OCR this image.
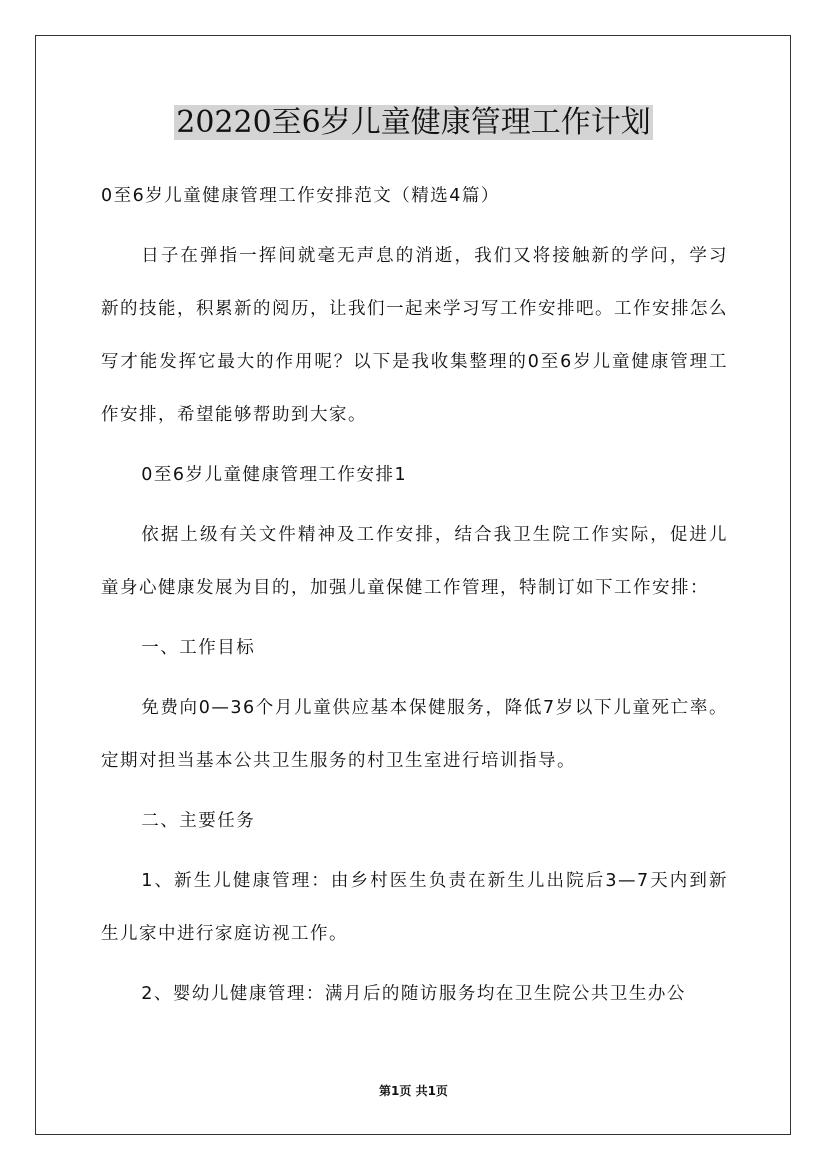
20220至6岁儿童健康管理工作计划

0至6岁儿童健康管理工作安排范文（精选4篇）

日子在弹指一挥间就毫无声息的消逝，我们又将接触新的学问，学习新的技能，积累新的阅历，让我们一起来学习写工作安排吧。工作安排怎么写才能发挥它最大的作用呢？以下是我收集整理的0至6岁儿童健康管理工作安排，希望能够帮助到大家。

0至6岁儿童健康管理工作安排1

依据上级有关文件精神及工作安排，结合我卫生院工作实际，促进儿童身心健康发展为目的，加强儿童保健工作管理，特制订如下工作安排：

一、工作目标

免费向0—36个月儿童供应基本保健服务，降低7岁以下儿童死亡率。定期对担当基本公共卫生服务的村卫生室进行培训指导。

二、主要任务

1、新生儿健康管理：由乡村医生负责在新生儿出院后3—7天内到新生儿家中进行家庭访视工作。

2、婴幼儿健康管理：满月后的随访服务均在卫生院公共卫生办公

第1页 共1页
